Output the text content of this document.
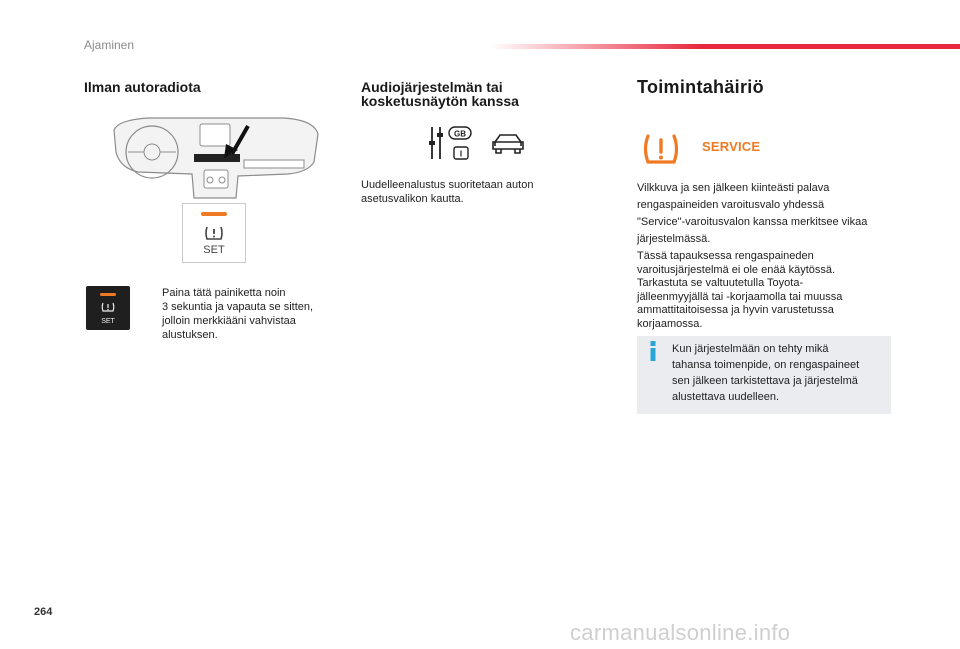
Ajaminen
Ilman autoradiota
SET
SET
Paina tätä painiketta noin
3 sekuntia ja vapauta se sitten,
jolloin merkkiääni vahvistaa
alustuksen.
Audiojärjestelmän tai
kosketusnäytön kanssa
GB
I
Uudelleenalustus suoritetaan auton
asetusvalikon kautta.
Toimintahäiriö
SERVICE
Vilkkuva ja sen jälkeen kiinteästi palava
rengaspaineiden varoitusvalo yhdessä
"Service"-varoitusvalon kanssa merkitsee vikaa
järjestelmässä.
Tässä tapauksessa rengaspaineden
varoitusjärjestelmä ei ole enää käytössä.
Tarkastuta se valtuutetulla Toyota-
jälleenmyyjällä tai -korjaamolla tai muussa
ammattitaitoisessa ja hyvin varustetussa
korjaamossa.
Kun järjestelmään on tehty mikä
tahansa toimenpide, on rengaspaineet
sen jälkeen tarkistettava ja järjestelmä
alustettava uudelleen.
264
carmanualsonline.info
